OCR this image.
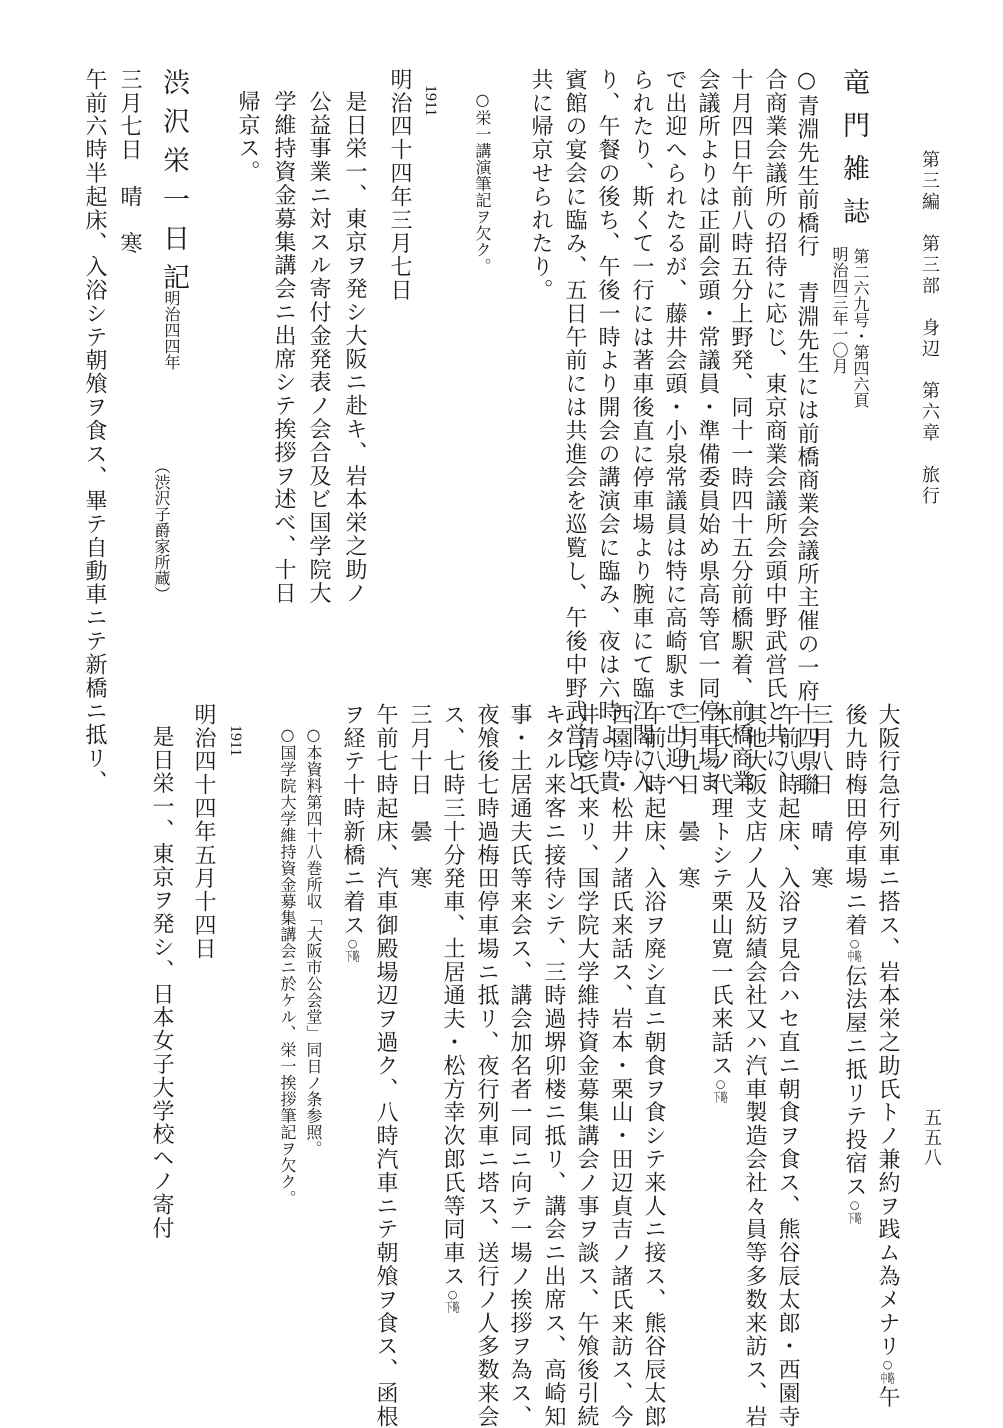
第三編　第三部　身辺　第六章　旅行
五五八
竜門雑誌
第二六九号・第四六頁
明治四三年一〇月
○青淵先生前橋行　青淵先生には前橋商業会議所主催の一府十四県聯
合商業会議所の招待に応じ、東京商業会議所会頭中野武営氏と共に、
十月四日午前八時五分上野発、同十一時四十五分前橋駅着、前橋商業
会議所よりは正副会頭・常議員・準備委員始め県高等官一同停車場ま
で出迎へられたるが、藤井会頭・小泉常議員は特に高崎駅まで出迎へ
られたり、斯くて一行には著車後直に停車場より腕車にて臨江閣に入
り、午餐の後ち、午後一時より開会の講演会に臨み、夜は六時より貴
賓館の宴会に臨み、五日午前には共進会を巡覧し、午後中野武営氏と
共に帰京せられたり。
○栄一講演筆記ヲ欠ク。
1911
明治四十四年三月七日
是日栄一、東京ヲ発シ大阪ニ赴キ、岩本栄之助ノ
公益事業ニ対スル寄付金発表ノ会合及ビ国学院大
学維持資金募集講会ニ出席シテ挨拶ヲ述べ、十日
帰京ス。
渋沢栄一日記
明治四四年
（渋沢子爵家所蔵）
三月七日　晴　寒
午前六時半起床、入浴シテ朝飧ヲ食ス、畢テ自動車ニテ新橋ニ抵リ、
大阪行急行列車ニ搭ス、岩本栄之助氏トノ兼約ヲ践ム為メナリ○中略午
後九時梅田停車場ニ着○中略伝法屋ニ抵リテ投宿ス○下略
三月八日　晴　寒
午前八時起床、入浴ヲ見合ハセ直ニ朝食ヲ食ス、熊谷辰太郎・西園寺
其他大阪支店ノ人及紡績会社又ハ汽車製造会社々員等多数来訪ス、岩
本氏ノ代理トシテ栗山寛一氏来話ス○下略
三月九日　曇　寒
午前八時起床、入浴ヲ廃シ直ニ朝食ヲ食シテ来人ニ接ス、熊谷辰太郎
西園寺・松井ノ諸氏来話ス、岩本・栗山・田辺貞吉ノ諸氏来訪ス、今
井清彦氏来リ、国学院大学維持資金募集講会ノ事ヲ談ス、午飧後引続
キタル来客ニ接待シテ、三時過堺卯楼ニ抵リ、講会ニ出席ス、高崎知
事・土居通夫氏等来会ス、講会加名者一同ニ向テ一場ノ挨拶ヲ為ス、
夜飧後七時過梅田停車場ニ抵リ、夜行列車ニ塔ス、送行ノ人多数来会
ス、七時三十分発車、土居通夫・松方幸次郎氏等同車ス○下略
三月十日　曇　寒
午前七時起床、汽車御殿場辺ヲ過ク、八時汽車ニテ朝飧ヲ食ス、函根
ヲ経テ十時新橋ニ着ス○下略
○本資料第四十八巻所収「大阪市公会堂」同日ノ条参照。
○国学院大学維持資金募集講会ニ於ケル、栄一挨拶筆記ヲ欠ク。
1911
明治四十四年五月十四日
是日栄一、東京ヲ発シ、日本女子大学校ヘノ寄付
